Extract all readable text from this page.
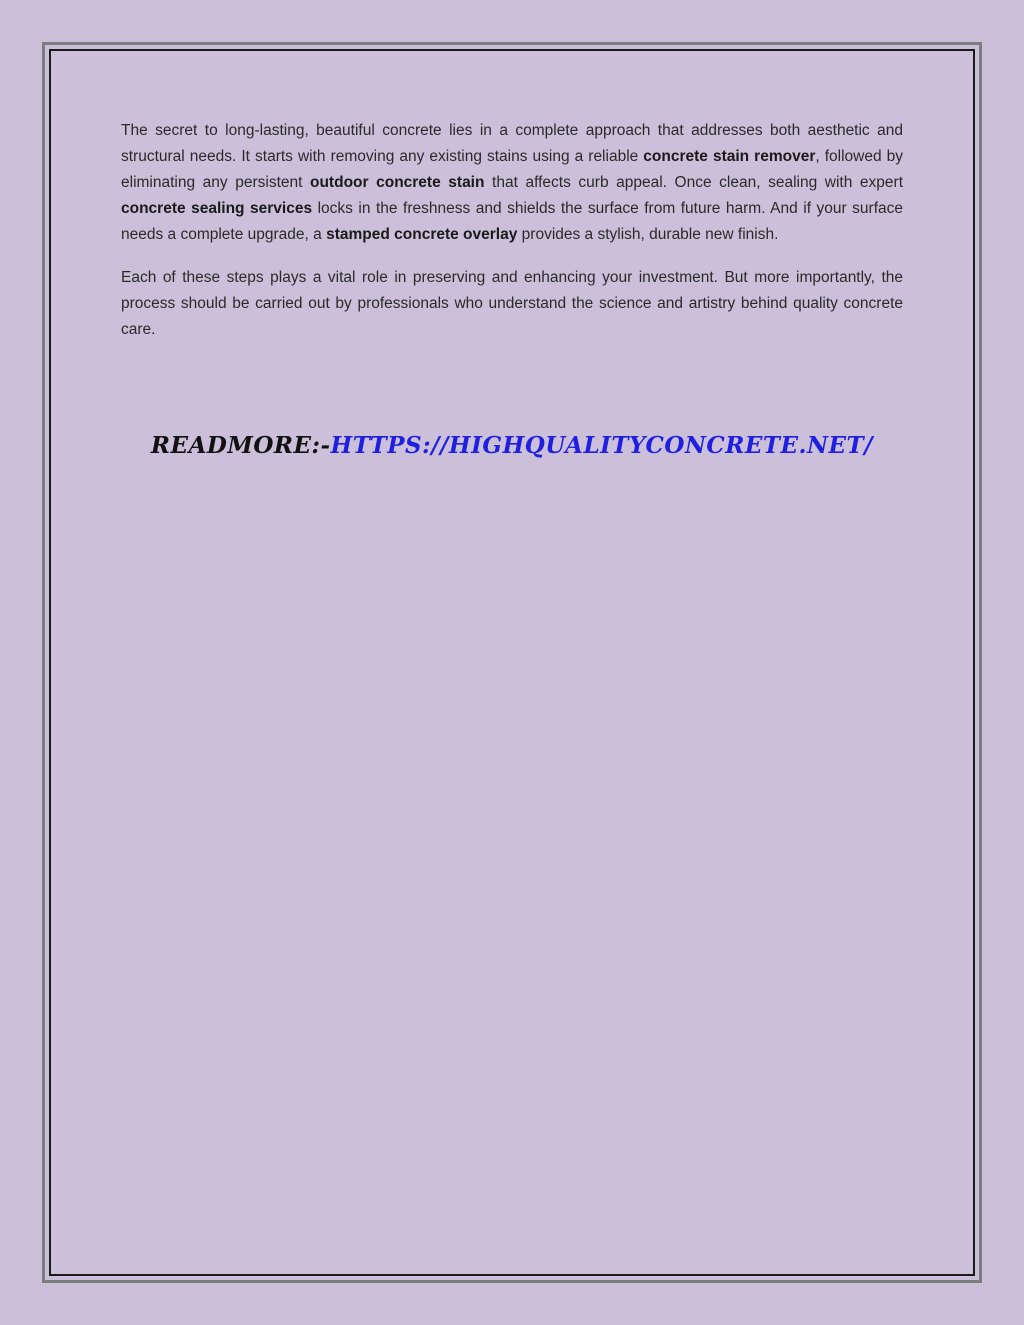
The secret to long-lasting, beautiful concrete lies in a complete approach that addresses both aesthetic and structural needs. It starts with removing any existing stains using a reliable concrete stain remover, followed by eliminating any persistent outdoor concrete stain that affects curb appeal. Once clean, sealing with expert concrete sealing services locks in the freshness and shields the surface from future harm. And if your surface needs a complete upgrade, a stamped concrete overlay provides a stylish, durable new finish.

Each of these steps plays a vital role in preserving and enhancing your investment. But more importantly, the process should be carried out by professionals who understand the science and artistry behind quality concrete care.

READMORE:-HTTPS://HIGHQUALITYCONCRETE.NET/
